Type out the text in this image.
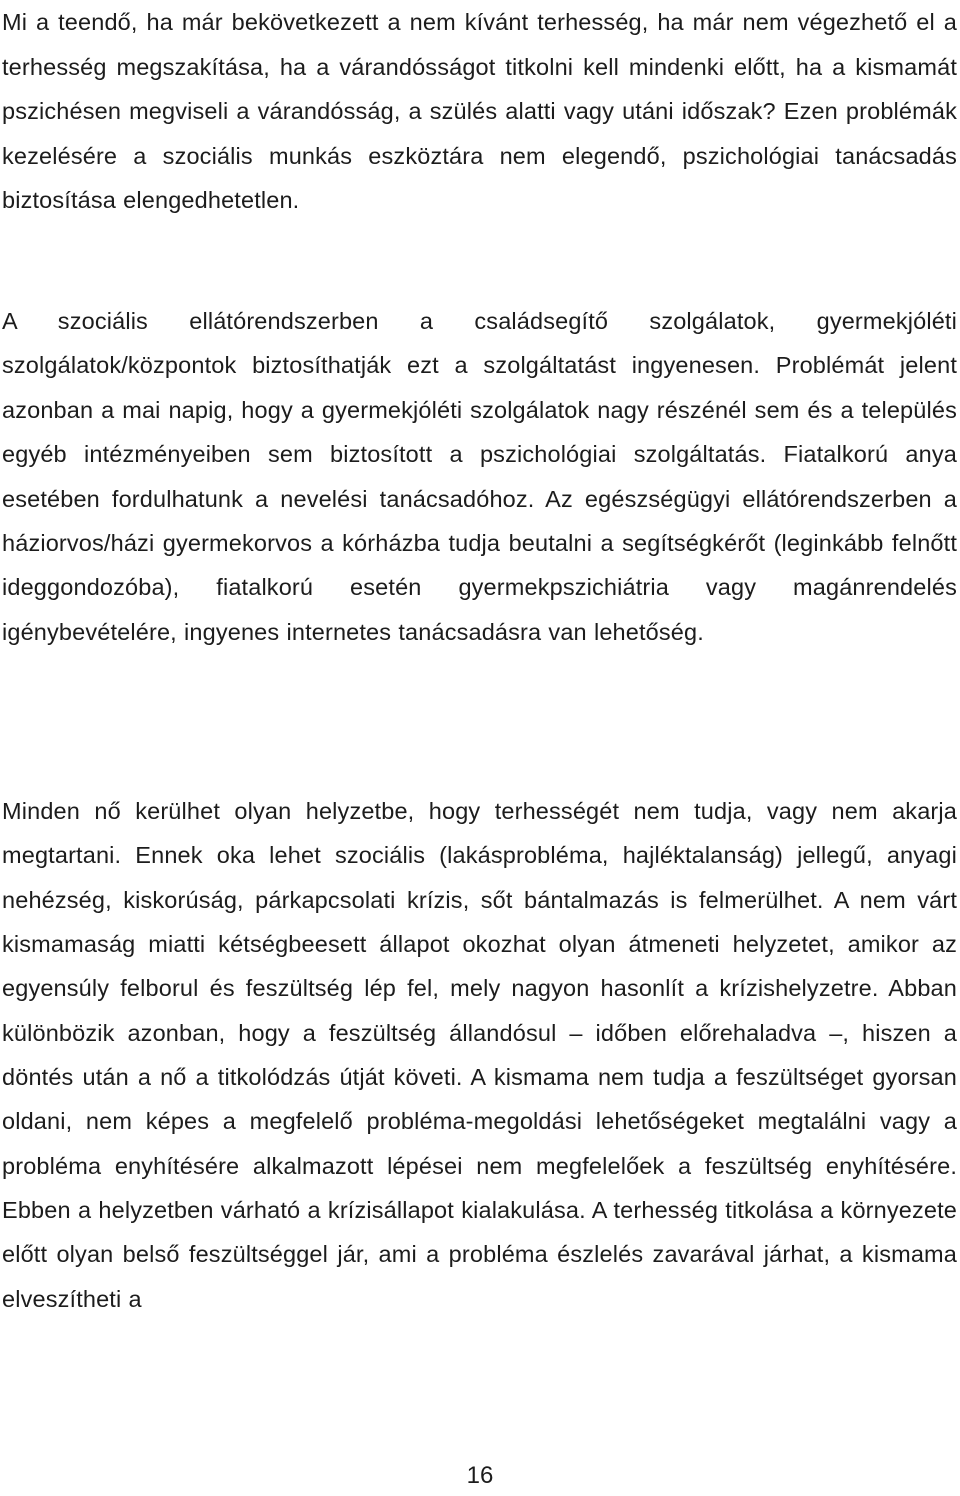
Mi a teendő, ha már bekövetkezett a nem kívánt terhesség, ha már nem végezhető el a terhesség megszakítása, ha a várandósságot titkolni kell mindenki előtt, ha a kismamát pszichésen megviseli a várandósság, a szülés alatti vagy utáni időszak? Ezen problémák kezelésére a szociális munkás eszköztára nem elegendő, pszichológiai tanácsadás biztosítása elengedhetetlen.

A szociális ellátórendszerben a családsegítő szolgálatok, gyermekjóléti szolgálatok/központok biztosíthatják ezt a szolgáltatást ingyenesen. Problémát jelent azonban a mai napig, hogy a gyermekjóléti szolgálatok nagy részénél sem és a település egyéb intézményeiben sem biztosított a pszichológiai szolgáltatás. Fiatalkorú anya esetében fordulhatunk a nevelési tanácsadóhoz. Az egészségügyi ellátórendszerben a háziorvos/házi gyermekorvos a kórházba tudja beutalni a segítségkérőt (leginkább felnőtt ideggondozóba), fiatalkorú esetén gyermekpszichiátria vagy magánrendelés igénybevételére, ingyenes internetes tanácsadásra van lehetőség.

Minden nő kerülhet olyan helyzetbe, hogy terhességét nem tudja, vagy nem akarja megtartani. Ennek oka lehet szociális (lakásprobléma, hajléktalanság) jellegű, anyagi nehézség, kiskorúság, párkapcsolati krízis, sőt bántalmazás is felmerülhet. A nem várt kismamaság miatti kétségbeesett állapot okozhat olyan átmeneti helyzetet, amikor az egyensúly felborul és feszültség lép fel, mely nagyon hasonlít a krízishelyzetre. Abban különbözik azonban, hogy a feszültség állandósul – időben előrehaladva –, hiszen a döntés után a nő a titkolódzás útját követi. A kismama nem tudja a feszültséget gyorsan oldani, nem képes a megfelelő probléma-megoldási lehetőségeket megtalálni vagy a probléma enyhítésére alkalmazott lépései nem megfelelőek a feszültség enyhítésére. Ebben a helyzetben várható a krízisállapot kialakulása. A terhesség titkolása a környezete előtt olyan belső feszültséggel jár, ami a probléma észlelés zavarával járhat, a kismama elveszítheti a

16
